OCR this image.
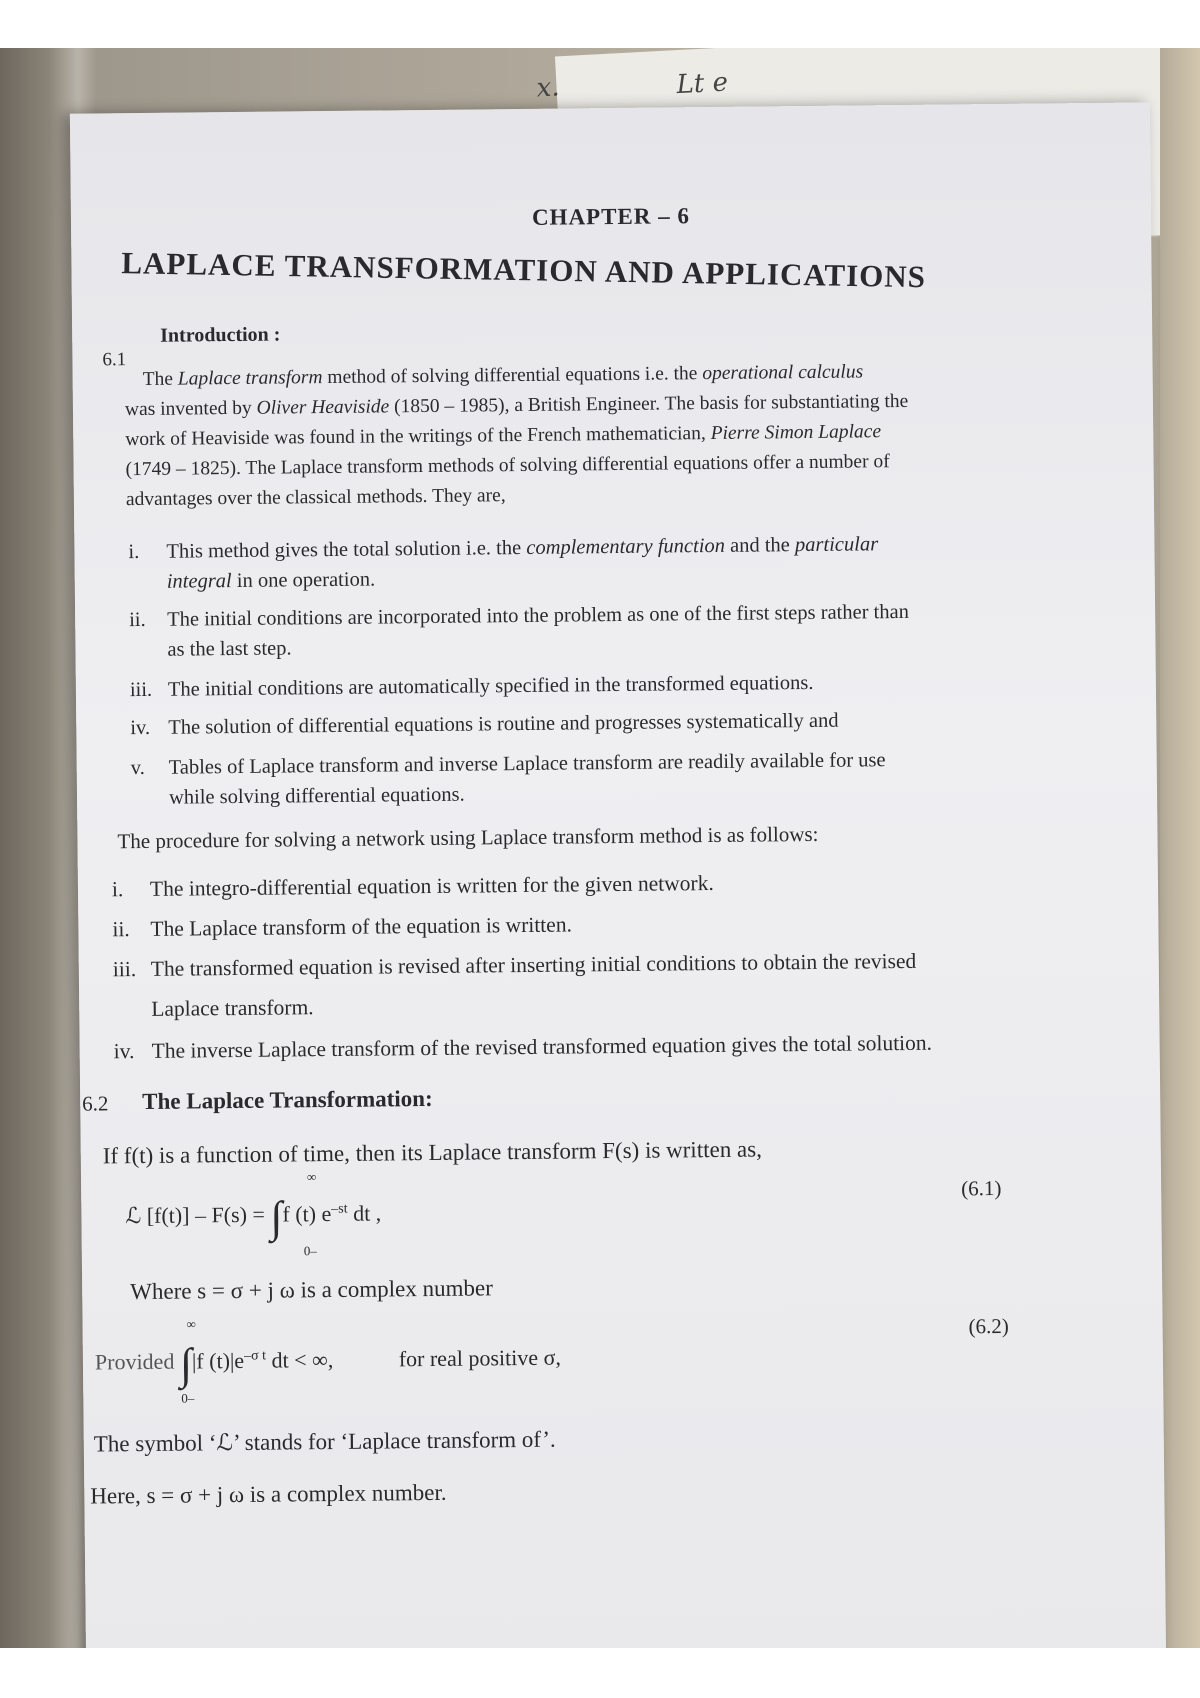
x.	Lt e
CHAPTER – 6
LAPLACE TRANSFORMATION AND APPLICATIONS
6.1
Introduction :
The Laplace transform method of solving differential equations i.e. the operational calculus
was invented by Oliver Heaviside (1850 – 1985), a British Engineer. The basis for substantiating the
work of Heaviside was found in the writings of the French mathematician, Pierre Simon Laplace
(1749 – 1825). The Laplace transform methods of solving differential equations offer a number of
advantages over the classical methods. They are,
i. This method gives the total solution i.e. the complementary function and the particular
integral in one operation.
ii. The initial conditions are incorporated into the problem as one of the first steps rather than
as the last step.
iii. The initial conditions are automatically specified in the transformed equations.
iv. The solution of differential equations is routine and progresses systematically and
v. Tables of Laplace transform and inverse Laplace transform are readily available for use
while solving differential equations.
The procedure for solving a network using Laplace transform method is as follows:
i. The integro-differential equation is written for the given network.
ii. The Laplace transform of the equation is written.
iii. The transformed equation is revised after inserting initial conditions to obtain the revised
Laplace transform.
iv. The inverse Laplace transform of the revised transformed equation gives the total solution.
6.2 The Laplace Transformation:
If f(t) is a function of time, then its Laplace transform F(s) is written as,
ℒ [f(t)] – F(s) = ∫f (t) $e^{-st}$ dt ,
∞
0–
(6.1)
Where s = σ + j ω is a complex number
Provided ∫|f $(t)|e^{-\sigma t}$ dt < ∞,	for real positive σ,
∞
0–
(6.2)
The symbol ‘ℒ’ stands for ‘Laplace transform of’.
Here, s = σ + j ω is a complex number.
